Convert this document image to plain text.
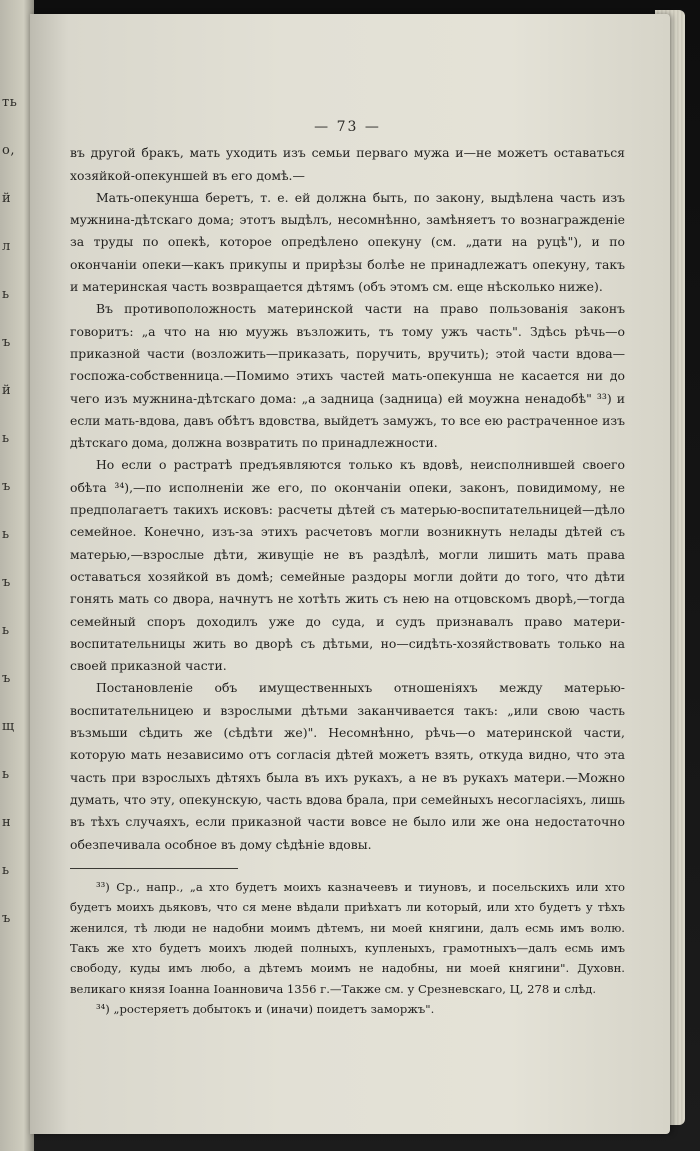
ть
о,
й
л
ь
ъ
й
ь
ъ
ь
ъ
ь
ъ
щ
ь
н
ь
ъ
— 73 —

въ другой бракъ, мать уходить изъ семьи перваго мужа и—не можетъ оставаться хозяйкой-опекуншей въ его домѣ.—

Мать-опекунша беретъ, т. е. ей должна быть, по закону, выдѣлена часть изъ мужнина-дѣтскаго дома; этотъ выдѣлъ, несомнѣнно, замѣняетъ то вознагражденіе за труды по опекѣ, которое опредѣлено опекуну (см. „дати на руцѣ"), и по окончаніи опеки—какъ прикупы и прирѣзы болѣе не принадлежатъ опекуну, такъ и материнская часть возвращается дѣтямъ (объ этомъ см. еще нѣсколько ниже).

Въ противоположность материнской части на право пользованія законъ говоритъ: „а что на ню муужь възложить, тъ тому ужъ часть". Здѣсь рѣчь—о приказной части (возложить—приказать, поручить, вручить); этой части вдова—госпожа-собственница.—Помимо этихъ частей мать-опекунша не касается ни до чего изъ мужнина-дѣтскаго дома: „а задница (задница) ей моужна ненадобѣ" ³³) и если мать-вдова, давъ обѣтъ вдовства, выйдетъ замужъ, то все ею растраченное изъ дѣтскаго дома, должна возвратить по принадлежности.

Но если о растратѣ предъявляются только къ вдовѣ, неисполнившей своего обѣта ³⁴),—по исполненіи же его, по окончаніи опеки, законъ, повидимому, не предполагаетъ такихъ исковъ: расчеты дѣтей съ матерью-воспитательницей—дѣло семейное. Конечно, изъ-за этихъ расчетовъ могли возникнуть нелады дѣтей съ матерью,—взрослые дѣти, живущіе не въ раздѣлѣ, могли лишить мать права оставаться хозяйкой въ домѣ; семейные раздоры могли дойти до того, что дѣти гонять мать со двора, начнутъ не хотѣть жить съ нею на отцовскомъ дворѣ,—тогда семейный споръ доходилъ уже до суда, и судъ признавалъ право матери-воспитательницы жить во дворѣ съ дѣтьми, но—сидѣть-хозяйствовать только на своей приказной части.

Постановленіе объ имущественныхъ отношеніяхъ между матерью-воспитательницею и взрослыми дѣтьми заканчивается такъ: „или свою часть възмьши сѣдить же (сѣдѣти же)". Несомнѣнно, рѣчь—о материнской части, которую мать независимо отъ согласія дѣтей можетъ взять, откуда видно, что эта часть при взрослыхъ дѣтяхъ была въ ихъ рукахъ, а не въ рукахъ матери.—Можно думать, что эту, опекунскую, часть вдова брала, при семейныхъ несогласіяхъ, лишь въ тѣхъ случаяхъ, если приказной части вовсе не было или же она недостаточно обезпечивала особное въ дому сѣдѣніе вдовы.

³³) Ср., напр., „а хто будетъ моихъ казначеевъ и тиуновъ, и посельскихъ или хто будетъ моихъ дьяковъ, что ся мене вѣдали приѣхатъ ли который, или хто будетъ у тѣхъ женился, тѣ люди не надобни моимъ дѣтемъ, ни моей княгини, далъ есмь имъ волю. Такъ же хто будетъ моихъ людей полныхъ, купленыхъ, грамотныхъ—далъ есмь имъ свободу, куды имъ любо, а дѣтемъ моимъ не надобны, ни моей княгини". Духовн. великаго князя Іоанна Іоанновича 1356 г.—Также см. у Срезневскаго, Ц, 278 и слѣд.

³⁴) „ростеряетъ добытокъ и (иначи) поидетъ заморжъ".
